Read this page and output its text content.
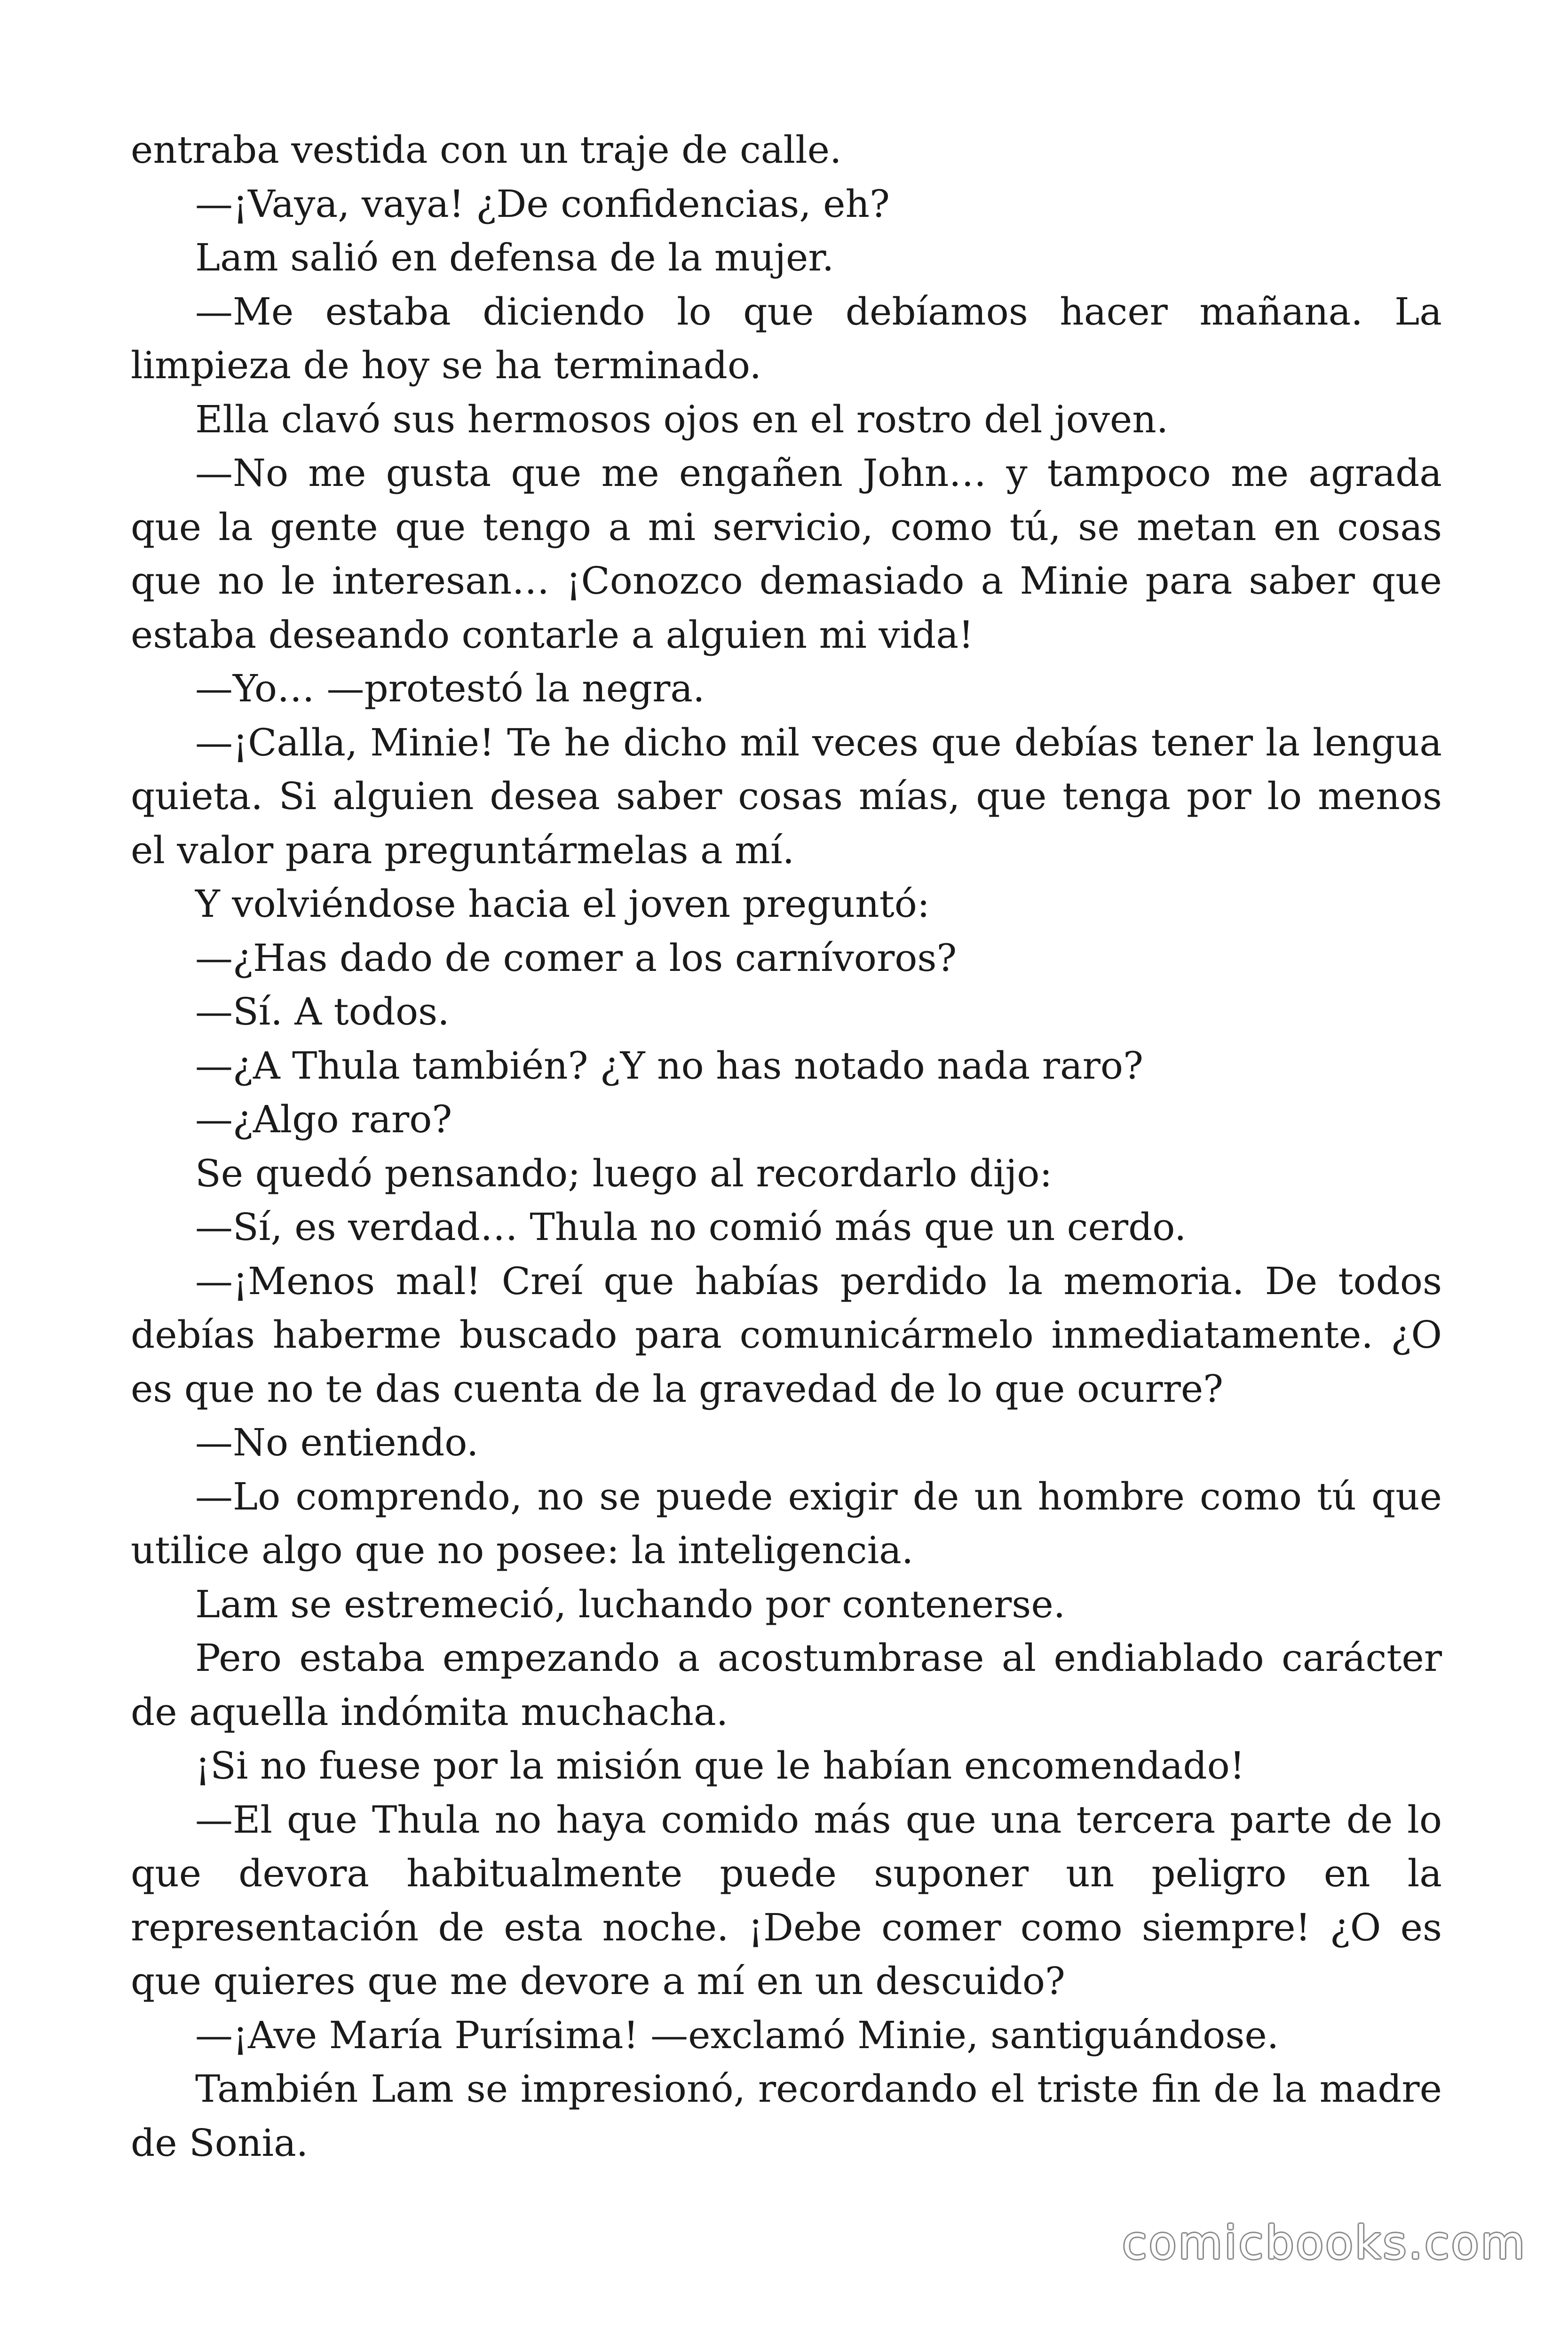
entraba vestida con un traje de calle.

—¡Vaya, vaya! ¿De confidencias, eh?

Lam salió en defensa de la mujer.

—Me estaba diciendo lo que debíamos hacer mañana. La limpieza de hoy se ha terminado.

Ella clavó sus hermosos ojos en el rostro del joven.

—No me gusta que me engañen John… y tampoco me agrada que la gente que tengo a mi servicio, como tú, se metan en cosas que no le interesan… ¡Conozco demasiado a Minie para saber que estaba deseando contarle a alguien mi vida!

—Yo… —protestó la negra.

—¡Calla, Minie! Te he dicho mil veces que debías tener la lengua quieta. Si alguien desea saber cosas mías, que tenga por lo menos el valor para preguntármelas a mí.

Y volviéndose hacia el joven preguntó:

—¿Has dado de comer a los carnívoros?

—Sí. A todos.

—¿A Thula también? ¿Y no has notado nada raro?

—¿Algo raro?

Se quedó pensando; luego al recordarlo dijo:

—Sí, es verdad… Thula no comió más que un cerdo.

—¡Menos mal! Creí que habías perdido la memoria. De todos debías haberme buscado para comunicármelo inmediatamente. ¿O es que no te das cuenta de la gravedad de lo que ocurre?

—No entiendo.

—Lo comprendo, no se puede exigir de un hombre como tú que utilice algo que no posee: la inteligencia.

Lam se estremeció, luchando por contenerse.

Pero estaba empezando a acostumbrase al endiablado carácter de aquella indómita muchacha.

¡Si no fuese por la misión que le habían encomendado!

—El que Thula no haya comido más que una tercera parte de lo que devora habitualmente puede suponer un peligro en la representación de esta noche. ¡Debe comer como siempre! ¿O es que quieres que me devore a mí en un descuido?

—¡Ave María Purísima! —exclamó Minie, santiguándose.

También Lam se impresionó, recordando el triste fin de la madre de Sonia.

comicbooks.com
